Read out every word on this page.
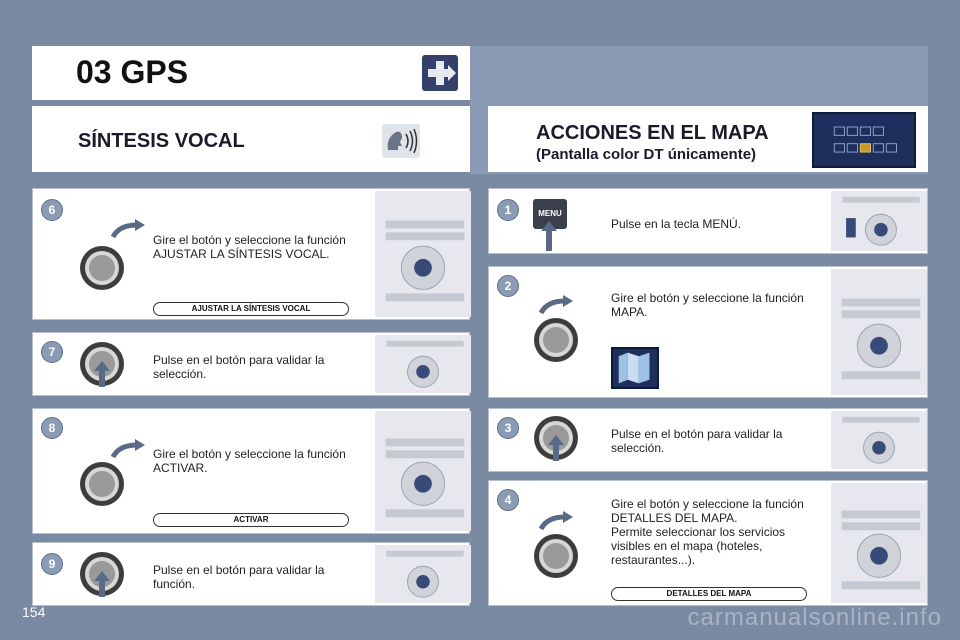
03 GPS
SÍNTESIS VOCAL	ACCIONES EN EL MAPA
(Pantalla color DT únicamente)
6
Gire el botón y seleccione la función AJUSTAR LA SÍNTESIS VOCAL.
AJUSTAR LA SÍNTESIS VOCAL
7
Pulse en el botón para validar la selección.
8
Gire el botón y seleccione la función ACTIVAR.
ACTIVAR
9	Pulse en el botón para validar la función.
1	MENU
Pulse en la tecla MENÚ.
2
Gire el botón y seleccione la función MAPA.
3	Pulse en el botón para validar la selección.
4	Gire el botón y seleccione la función DETALLES DEL MAPA.
Permite seleccionar los servicios visibles en el mapa (hoteles, restaurantes...).
DETALLES DEL MAPA
154	carmanualsonline.info
